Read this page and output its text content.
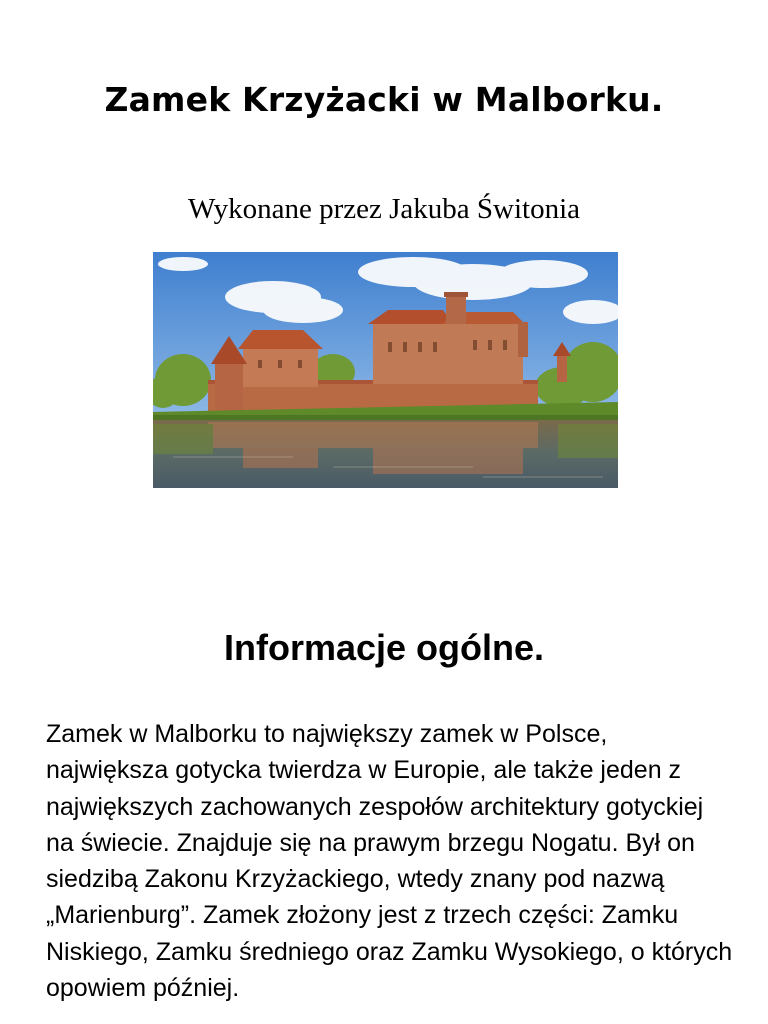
Zamek Krzyżacki w Malborku.
Wykonane przez Jakuba Świtonia
Informacje ogólne.

Zamek w Malborku to największy zamek w Polsce, największa gotycka twierdza w Europie, ale także jeden z największych zachowanych zespołów architektury gotyckiej na świecie. Znajduje się na prawym brzegu Nogatu. Był on siedzibą Zakonu Krzyżackiego, wtedy znany pod nazwą „Marienburg”. Zamek złożony jest z trzech części: Zamku Niskiego, Zamku średniego oraz Zamku Wysokiego, o których opowiem później.
